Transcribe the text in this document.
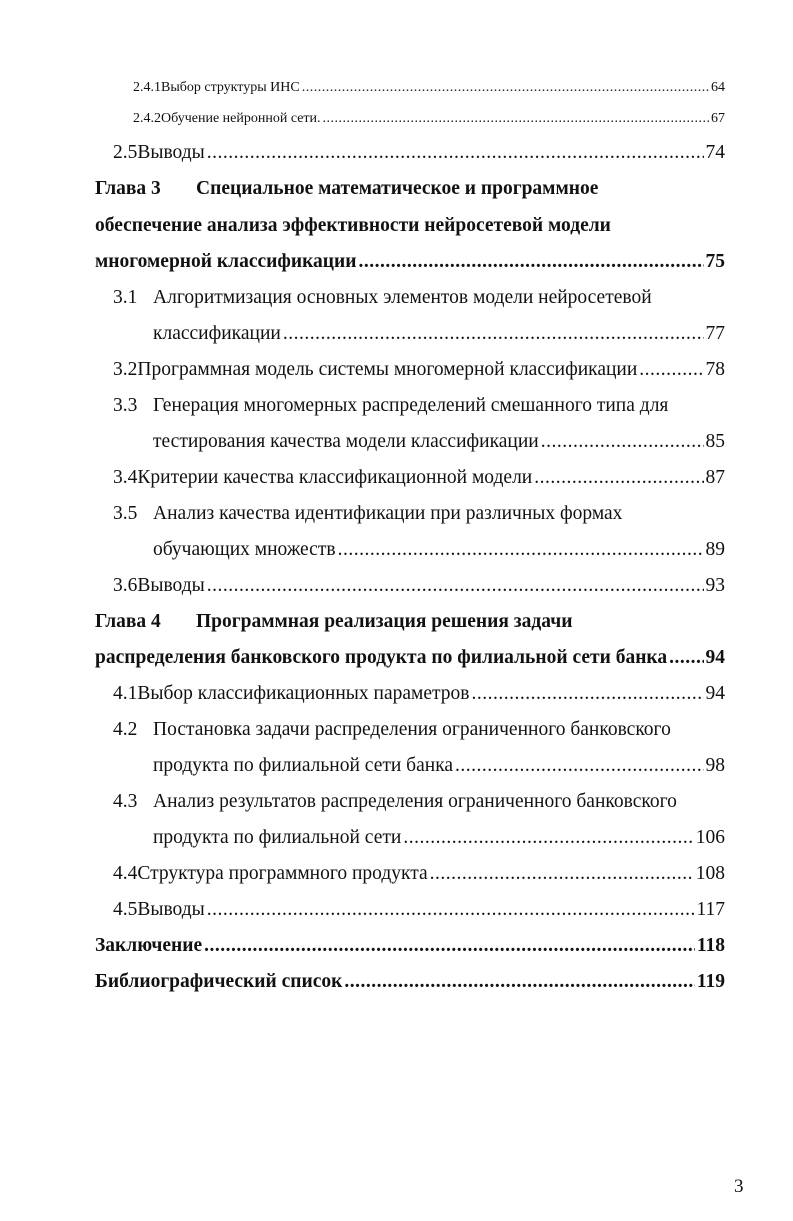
2.4.1 Выбор структуры ИНС .....	64
2.4.2 Обучение нейронной сети. .....	67
2.5 Выводы .....	74
Глава 3 Специальное математическое и программное
обеспечение анализа эффективности нейросетевой модели
многомерной классификации .....	75
3.1 Алгоритмизация основных элементов модели нейросетевой
классификации .....	77
3.2 Программная модель системы многомерной классификации .....	78
3.3 Генерация многомерных распределений смешанного типа для
тестирования качества модели классификации .....	85
3.4 Критерии качества классификационной модели .....	87
3.5 Анализ качества идентификации при различных формах
обучающих множеств .....	89
3.6 Выводы .....	93
Глава 4 Программная реализация решения задачи
распределения банковского продукта по филиальной сети банка ..... 94
4.1 Выбор классификационных параметров .....	94
4.2 Постановка задачи распределения ограниченного банковского
продукта по филиальной сети банка .....	98
4.3 Анализ результатов распределения ограниченного банковского
продукта по филиальной сети .....	106
4.4 Структура программного продукта .....	108
4.5 Выводы .....	117
Заключение .....	118
Библиографический список .....	119
3
